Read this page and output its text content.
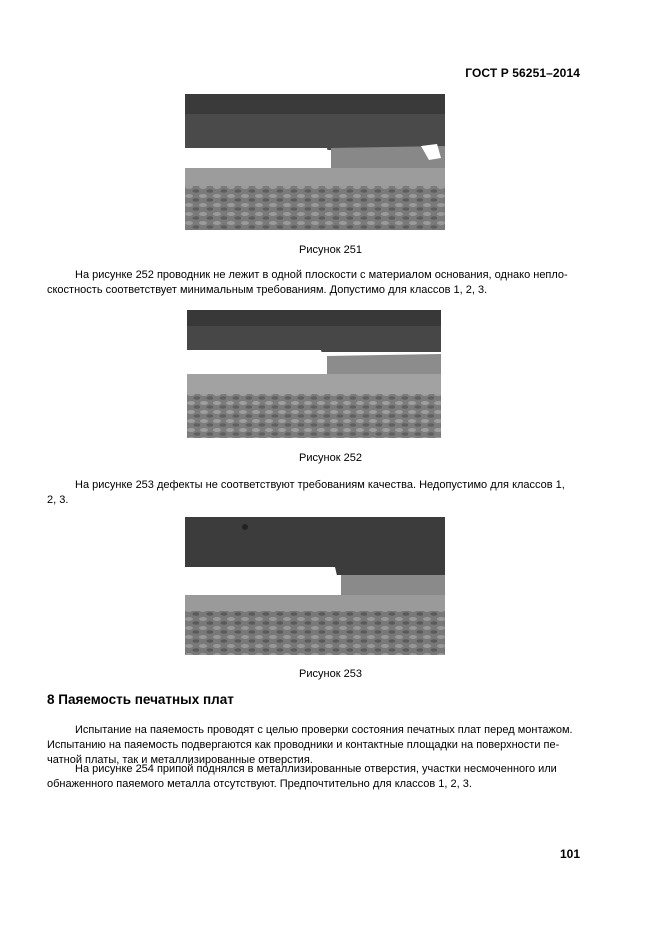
ГОСТ Р 56251–2014
Рисунок 251
На рисунке 252 проводник не лежит в одной плоскости с материалом основания, однако непло-
скостность соответствует минимальным требованиям. Допустимо для классов 1, 2, 3.
Рисунок 252
На рисунке 253 дефекты не соответствуют требованиям качества. Недопустимо для классов 1,
2, 3.
Рисунок 253
8 Паяемость печатных плат
Испытание на паяемость проводят с целью проверки состояния печатных плат перед монтажом.
Испытанию на паяемость подвергаются как проводники и контактные площадки на поверхности пе-
чатной платы, так и металлизированные отверстия.
На рисунке 254 припой поднялся в металлизированные отверстия, участки несмоченного или
обнаженного паяемого металла отсутствуют. Предпочтительно для классов 1, 2, 3.
101
